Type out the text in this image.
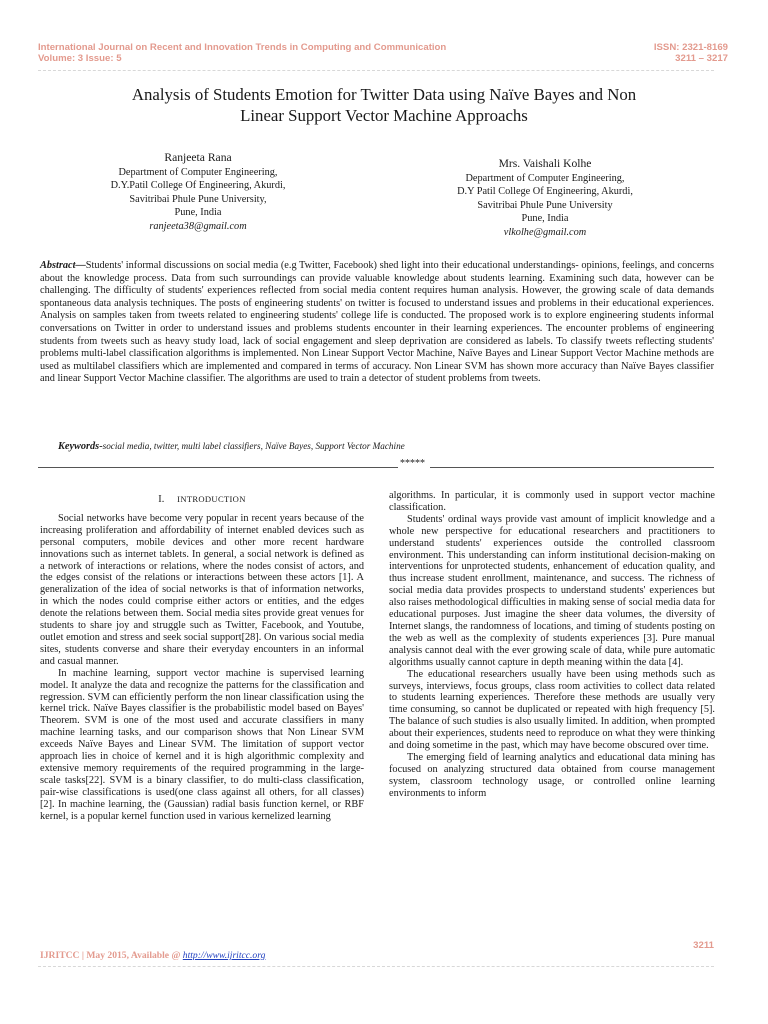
International Journal on Recent and Innovation Trends in Computing and Communication
Volume: 3 Issue: 5
ISSN: 2321-8169
3211 – 3217
Analysis of Students Emotion for Twitter Data using Naïve Bayes and Non
Linear Support Vector Machine Approachs
Ranjeeta Rana
Department of Computer Engineering,
D.Y.Patil College Of Engineering, Akurdi,
Savitribai Phule Pune University,
Pune, India
ranjeeta38@gmail.com
Mrs. Vaishali Kolhe
Department of Computer Engineering,
D.Y Patil College Of Engineering, Akurdi,
Savitribai Phule Pune University
Pune, India
vlkolhe@gmail.com
Abstract—Students' informal discussions on social media (e.g Twitter, Facebook) shed light into their educational understandings- opinions, feelings, and concerns about the knowledge process. Data from such surroundings can provide valuable knowledge about students learning. Examining such data, however can be challenging. The difficulty of students' experiences reflected from social media content requires human analysis. However, the growing scale of data demands spontaneous data analysis techniques. The posts of engineering students' on twitter is focused to understand issues and problems in their educational experiences. Analysis on samples taken from tweets related to engineering students' college life is conducted. The proposed work is to explore engineering students informal conversations on Twitter in order to understand issues and problems students encounter in their learning experiences. The encounter problems of engineering students from tweets such as heavy study load, lack of social engagement and sleep deprivation are considered as labels. To classify tweets reflecting students' problems multi-label classification algorithms is implemented. Non Linear Support Vector Machine, Naïve Bayes and Linear Support Vector Machine methods are used as multilabel classifiers which are implemented and compared in terms of accuracy. Non Linear SVM has shown more accuracy than Naïve Bayes classifier and linear Support Vector Machine classifier. The algorithms are used to train a detector of student problems from tweets.
Keywords-social media, twitter, multi label classifiers, Naïve Bayes, Support Vector Machine
*****
I. INTRODUCTION

Social networks have become very popular in recent years because of the increasing proliferation and affordability of internet enabled devices such as personal computers, mobile devices and other more recent hardware innovations such as internet tablets. In general, a social network is defined as a network of interactions or relations, where the nodes consist of actors, and the edges consist of the relations or interactions between these actors [1]. A generalization of the idea of social networks is that of information networks, in which the nodes could comprise either actors or entities, and the edges denote the relations between them. Social media sites provide great venues for students to share joy and struggle such as Twitter, Facebook, and Youtube, outlet emotion and stress and seek social support[28]. On various social media sites, students converse and share their everyday encounters in an informal and casual manner.

In machine learning, support vector machine is supervised learning model. It analyze the data and recognize the patterns for the classification and regression. SVM can efficiently perform the non linear classification using the kernel trick. Naïve Bayes classifier is the probabilistic model based on Bayes' Theorem. SVM is one of the most used and accurate classifiers in many machine learning tasks, and our comparison shows that Non Linear SVM exceeds Naïve Bayes and Linear SVM. The limitation of support vector approach lies in choice of kernel and it is high algorithmic complexity and extensive memory requirements of the required programming in the large-scale tasks[22]. SVM is a binary classifier, to do multi-class classification, pair-wise classifications is used(one class against all others, for all classes) [2]. In machine learning, the (Gaussian) radial basis function kernel, or RBF kernel, is a popular kernel function used in various kernelized learning

algorithms. In particular, it is commonly used in support vector machine classification.

Students' ordinal ways provide vast amount of implicit knowledge and a whole new perspective for educational researchers and practitioners to understand students' experiences outside the controlled classroom environment. This understanding can inform institutional decision-making on interventions for unprotected students, enhancement of education quality, and thus increase student enrollment, maintenance, and success. The richness of social media data provides prospects to understand students' experiences but also raises methodological difficulties in making sense of social media data for educational purposes. Just imagine the sheer data volumes, the diversity of Internet slangs, the randomness of locations, and timing of students posting on the web as well as the complexity of students experiences [3]. Pure manual analysis cannot deal with the ever growing scale of data, while pure automatic algorithms usually cannot capture in depth meaning within the data [4].

The educational researchers usually have been using methods such as surveys, interviews, focus groups, class room activities to collect data related to students learning experiences. Therefore these methods are usually very time consuming, so cannot be duplicated or repeated with high frequency [5]. The balance of such studies is also usually limited. In addition, when prompted about their experiences, students need to reproduce on what they were thinking and doing sometime in the past, which may have become obscured over time.

The emerging field of learning analytics and educational data mining has focused on analyzing structured data obtained from course management system, classroom technology usage, or controlled online learning environments to inform

3211
IJRITCC | May 2015, Available @ http://www.ijritcc.org
